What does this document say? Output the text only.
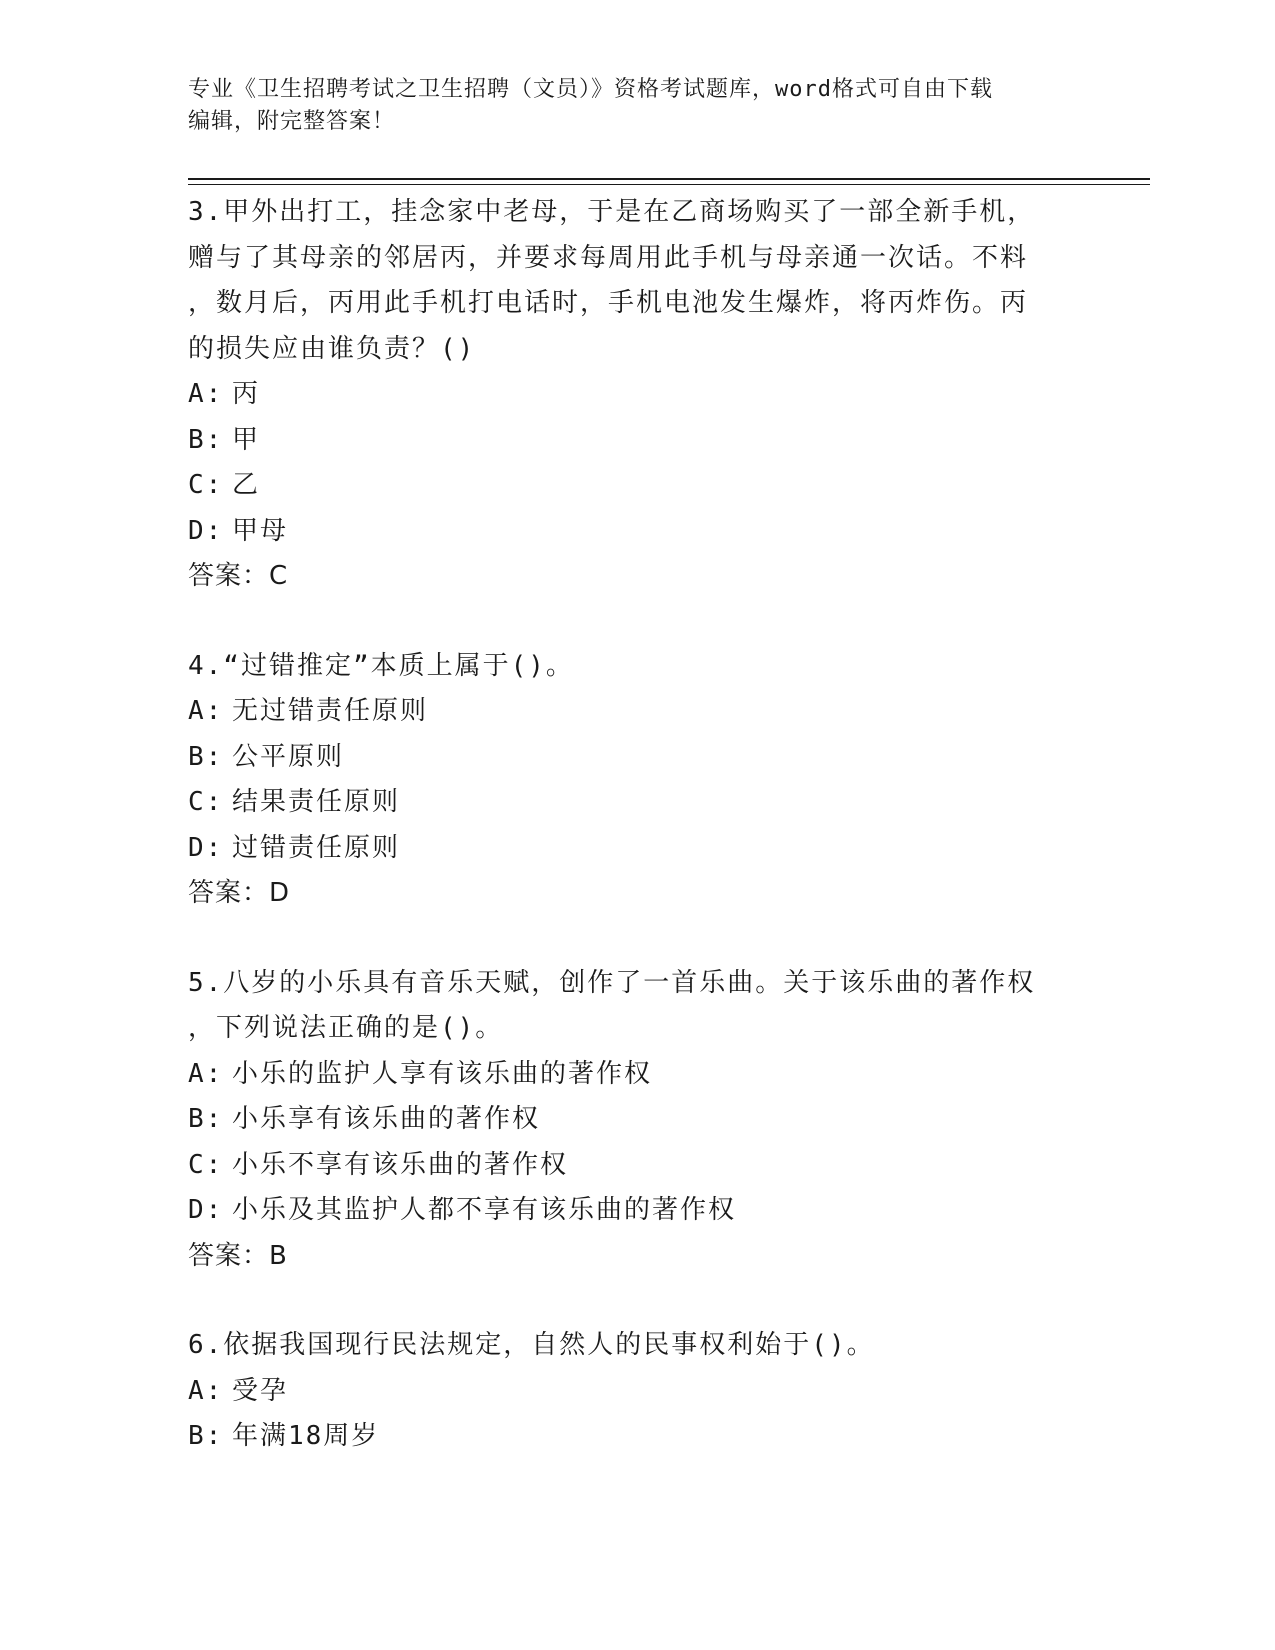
专业《卫生招聘考试之卫生招聘（文员）》资格考试题库，word格式可自由下载
编辑，附完整答案！
3.甲外出打工，挂念家中老母，于是在乙商场购买了一部全新手机，
赠与了其母亲的邻居丙，并要求每周用此手机与母亲通一次话。不料
，数月后，丙用此手机打电话时，手机电池发生爆炸，将丙炸伤。丙
的损失应由谁负责？()
A: 丙
B: 甲
C: 乙
D: 甲母
答案：C
4.“过错推定”本质上属于()。
A: 无过错责任原则
B: 公平原则
C: 结果责任原则
D: 过错责任原则
答案：D
5.八岁的小乐具有音乐天赋，创作了一首乐曲。关于该乐曲的著作权
，下列说法正确的是()。
A: 小乐的监护人享有该乐曲的著作权
B: 小乐享有该乐曲的著作权
C: 小乐不享有该乐曲的著作权
D: 小乐及其监护人都不享有该乐曲的著作权
答案：B
6.依据我国现行民法规定，自然人的民事权利始于()。
A: 受孕
B: 年满18周岁
